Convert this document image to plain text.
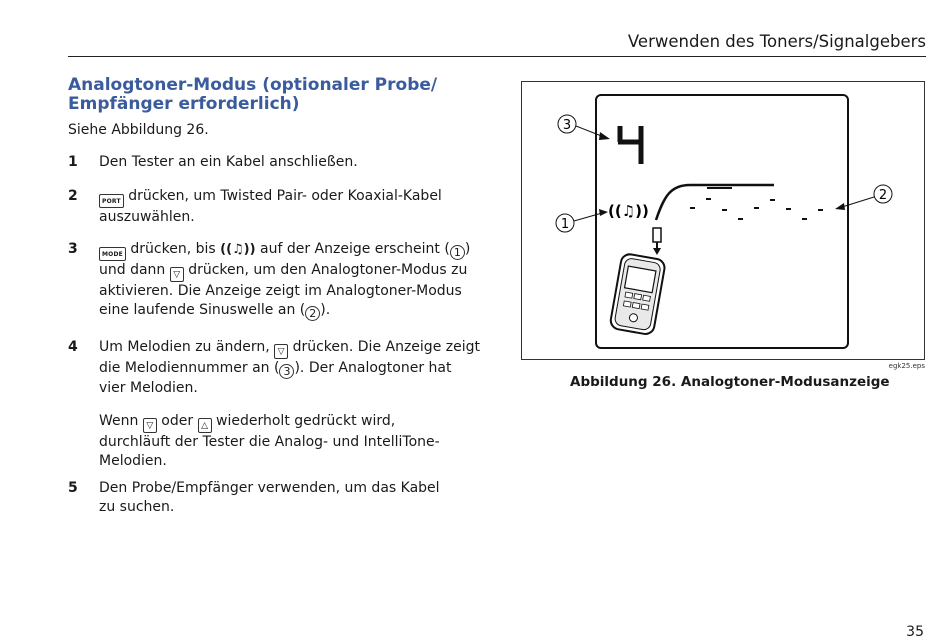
Verwenden des Toners/Signalgebers
Analogtoner-Modus (optionaler Probe/
Empfänger erforderlich)
Siehe Abbildung 26.
1 Den Tester an ein Kabel anschließen.
2	PORT drücken, um Twisted Pair- oder Koaxial-Kabel
auszuwählen.
3	MODE drücken, bis ((♫)) auf der Anzeige erscheint ( 1 )
und dann ▽ drücken, um den Analogtoner-Modus zu
aktivieren. Die Anzeige zeigt im Analogtoner-Modus
eine laufende Sinuswelle an ( 2 ).
4 Um Melodien zu ändern, ▽ drücken. Die Anzeige zeigt
die Melodiennummer an ( 3 ). Der Analogtoner hat
vier Melodien.
Wenn ▽ oder △ wiederholt gedrückt wird,
durchläuft der Tester die Analog- und IntelliTone-
Melodien.
5 Den Probe/Empfänger verwenden, um das Kabel
zu suchen.
3
1
((♫))
2
egk25.eps
Abbildung 26. Analogtoner-Modusanzeige
35
